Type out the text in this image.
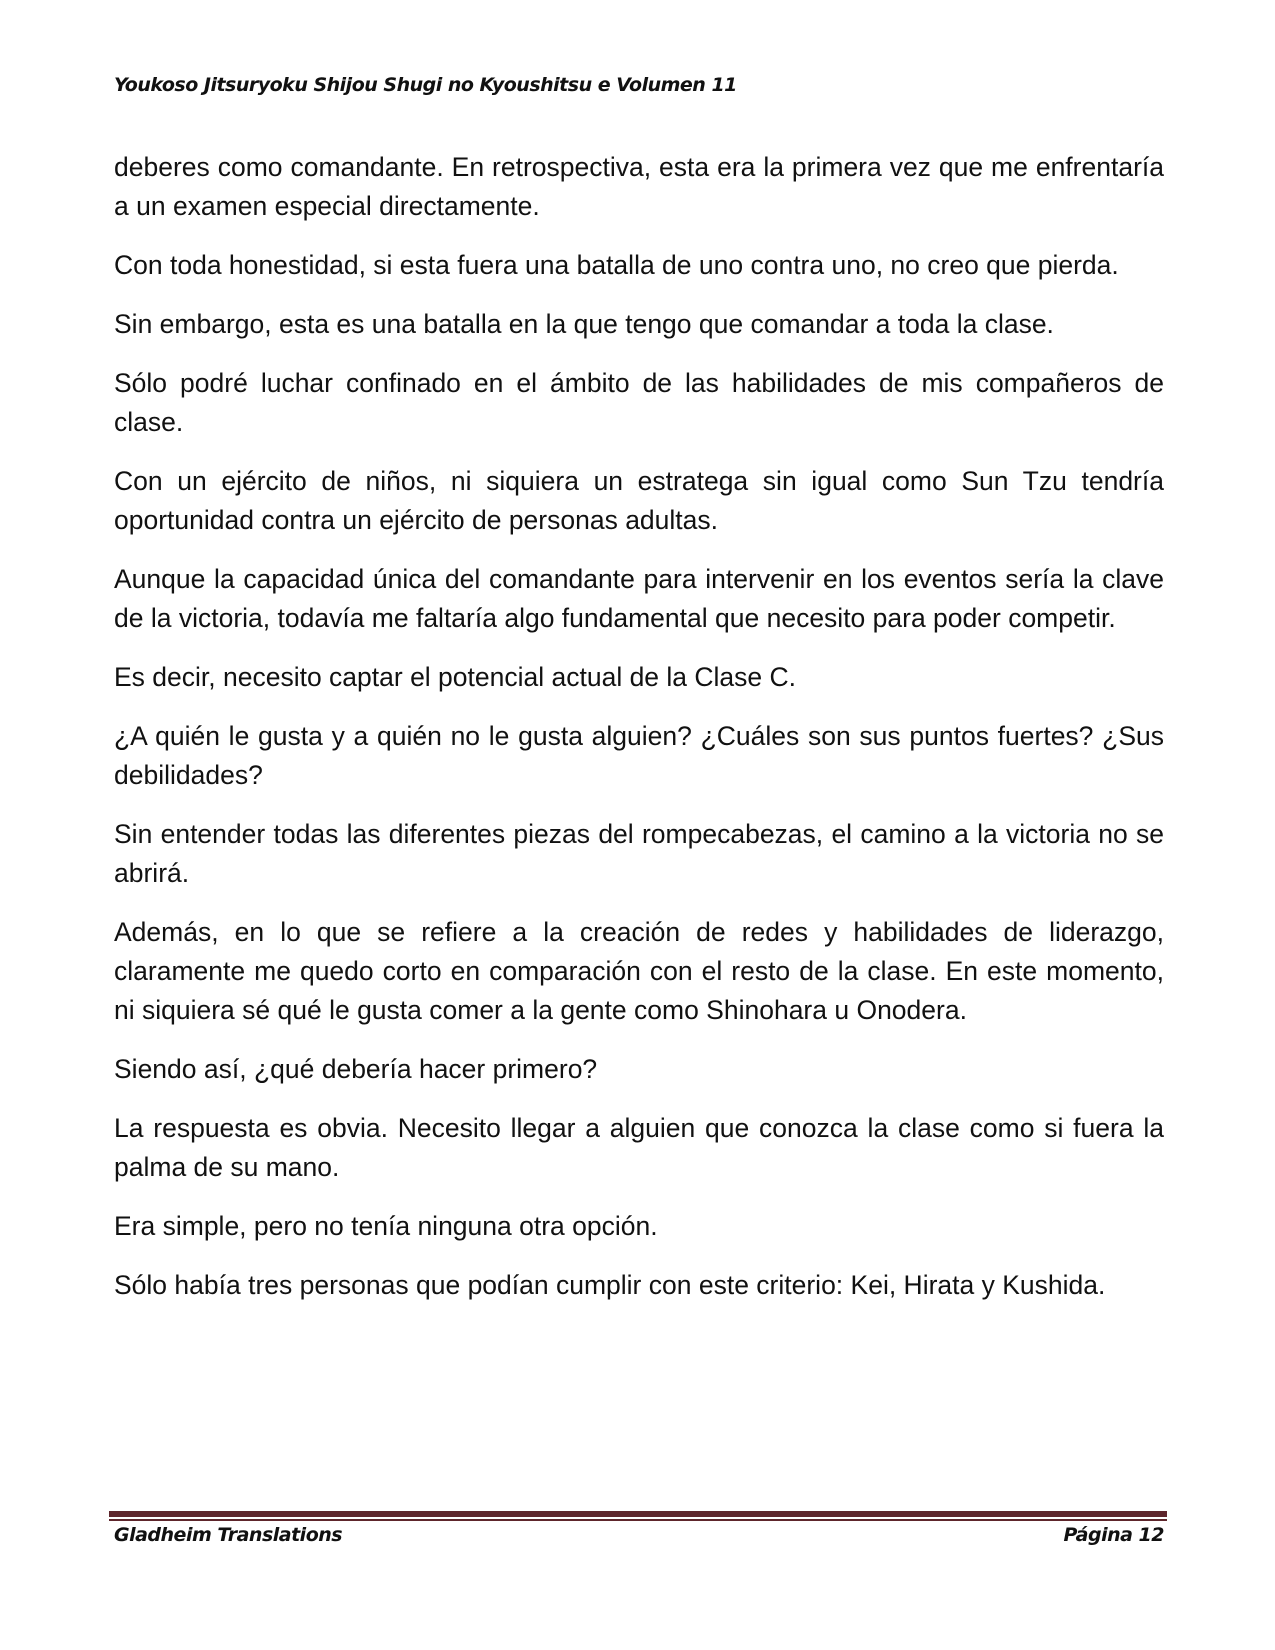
Youkoso Jitsuryoku Shijou Shugi no Kyoushitsu e Volumen 11

deberes como comandante. En retrospectiva, esta era la primera vez que me enfrentaría a un examen especial directamente.

Con toda honestidad, si esta fuera una batalla de uno contra uno, no creo que pierda.

Sin embargo, esta es una batalla en la que tengo que comandar a toda la clase.

Sólo podré luchar confinado en el ámbito de las habilidades de mis compañeros de clase.

Con un ejército de niños, ni siquiera un estratega sin igual como Sun Tzu tendría oportunidad contra un ejército de personas adultas.

Aunque la capacidad única del comandante para intervenir en los eventos sería la clave de la victoria, todavía me faltaría algo fundamental que necesito para poder competir.

Es decir, necesito captar el potencial actual de la Clase C.

¿A quién le gusta y a quién no le gusta alguien? ¿Cuáles son sus puntos fuertes? ¿Sus debilidades?

Sin entender todas las diferentes piezas del rompecabezas, el camino a la victoria no se abrirá.

Además, en lo que se refiere a la creación de redes y habilidades de liderazgo, claramente me quedo corto en comparación con el resto de la clase. En este momento, ni siquiera sé qué le gusta comer a la gente como Shinohara u Onodera.

Siendo así, ¿qué debería hacer primero?

La respuesta es obvia. Necesito llegar a alguien que conozca la clase como si fuera la palma de su mano.

Era simple, pero no tenía ninguna otra opción.

Sólo había tres personas que podían cumplir con este criterio: Kei, Hirata y Kushida.

Gladheim Translations	Página 12
